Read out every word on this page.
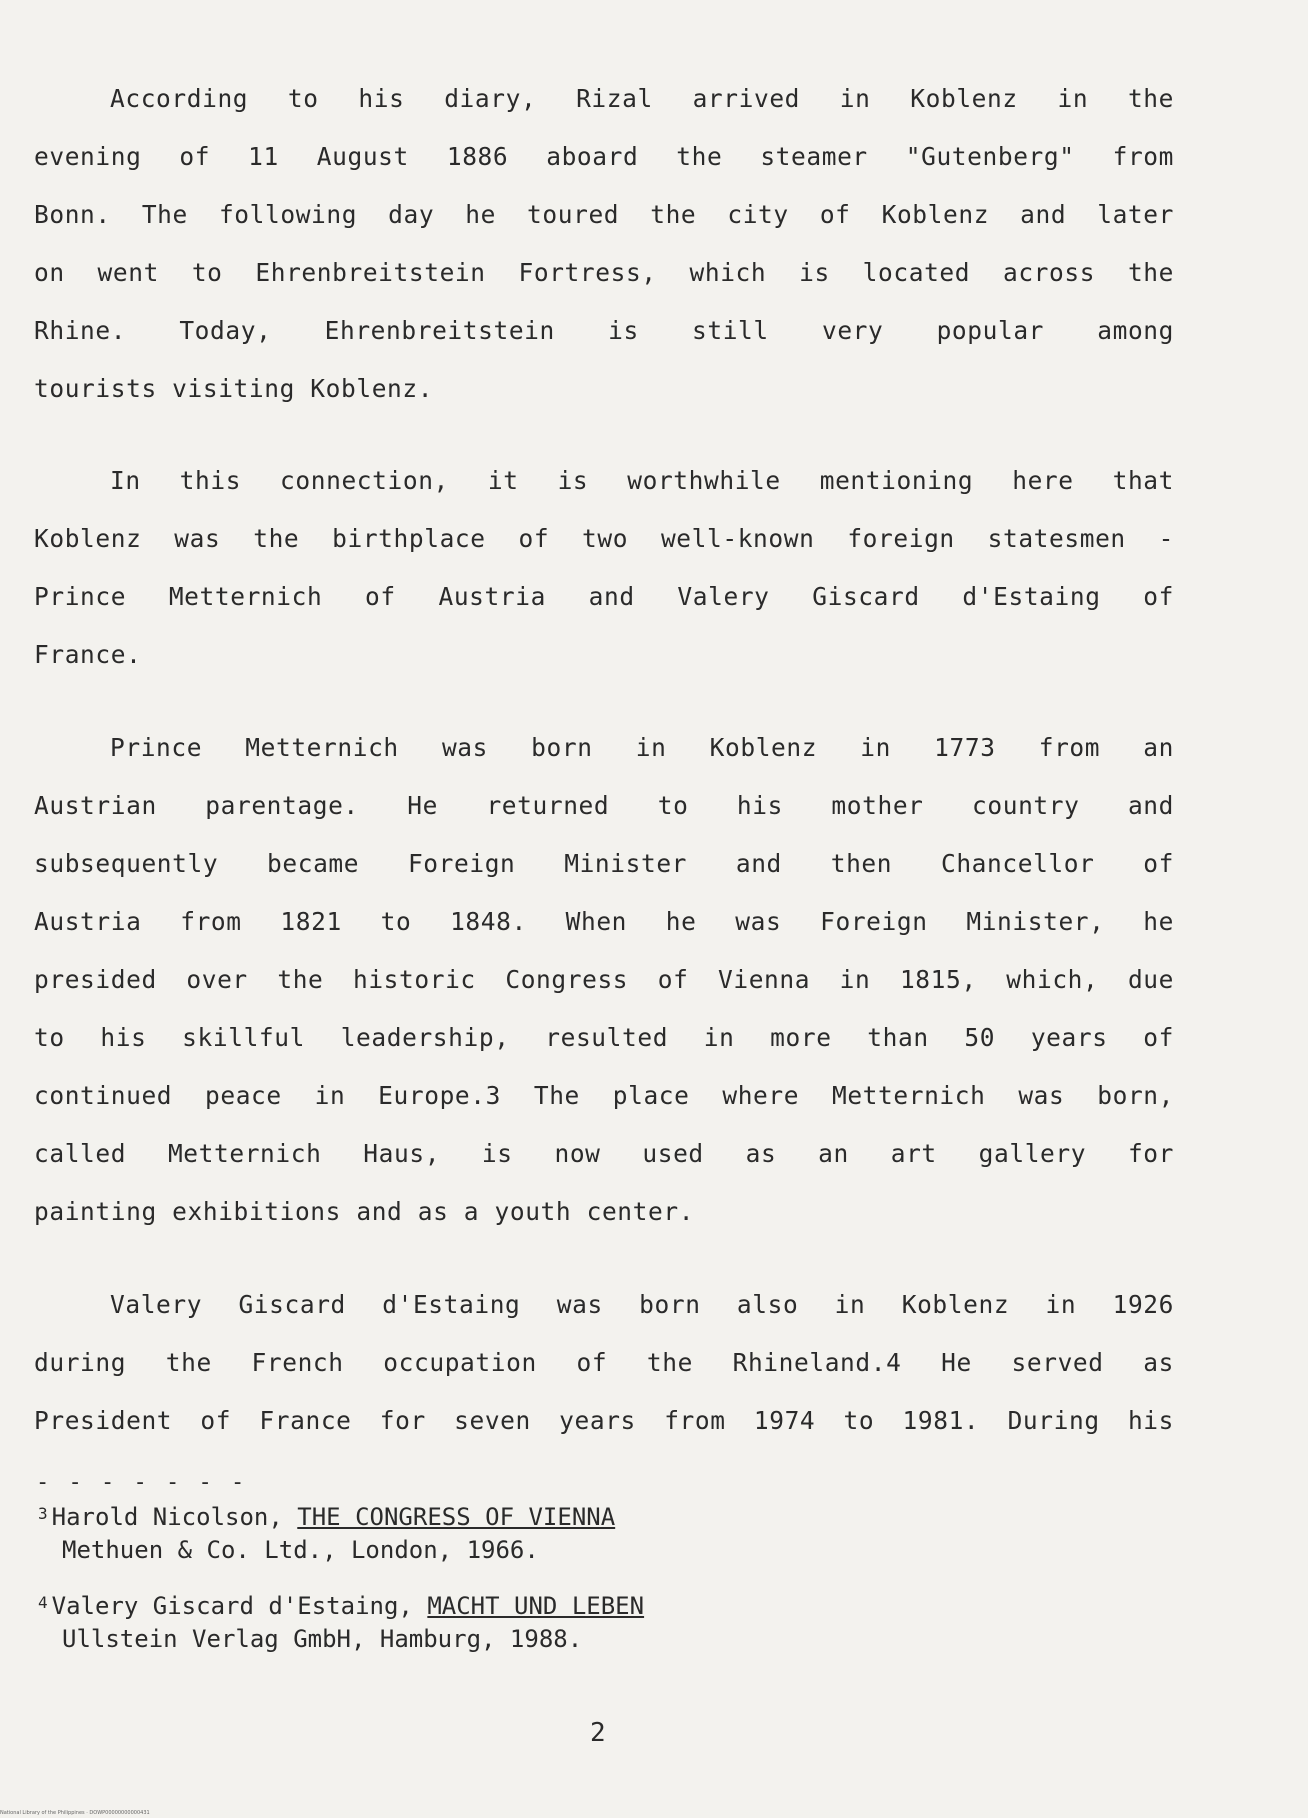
According to his diary, Rizal arrived in Koblenz in the
evening of 11 August 1886 aboard the steamer "Gutenberg" from
Bonn. The following day he toured the city of Koblenz and later
on went to Ehrenbreitstein Fortress, which is located across the
Rhine. Today, Ehrenbreitstein is still very popular among
tourists visiting Koblenz.
In this connection, it is worthwhile mentioning here that
Koblenz was the birthplace of two well-known foreign statesmen -
Prince Metternich of Austria and Valery Giscard d'Estaing of
France.
Prince Metternich was born in Koblenz in 1773 from an
Austrian parentage. He returned to his mother country and
subsequently became Foreign Minister and then Chancellor of
Austria from 1821 to 1848. When he was Foreign Minister, he
presided over the historic Congress of Vienna in 1815, which, due
to his skillful leadership, resulted in more than 50 years of
continued peace in Europe.3 The place where Metternich was born,
called Metternich Haus, is now used as an art gallery for
painting exhibitions and as a youth center.
Valery Giscard d'Estaing was born also in Koblenz in 1926
during the French occupation of the Rhineland.4 He served as
President of France for seven years from 1974 to 1981. During his
- - - - - - -
$^3$ Harold Nicolson, THE CONGRESS OF VIENNA
Methuen & Co. Ltd., London, 1966.
$^4$ Valery Giscard d'Estaing, MACHT UND LEBEN
Ullstein Verlag GmbH, Hamburg, 1988.
2
National Library of the Philippines · DOWP00000000000431
